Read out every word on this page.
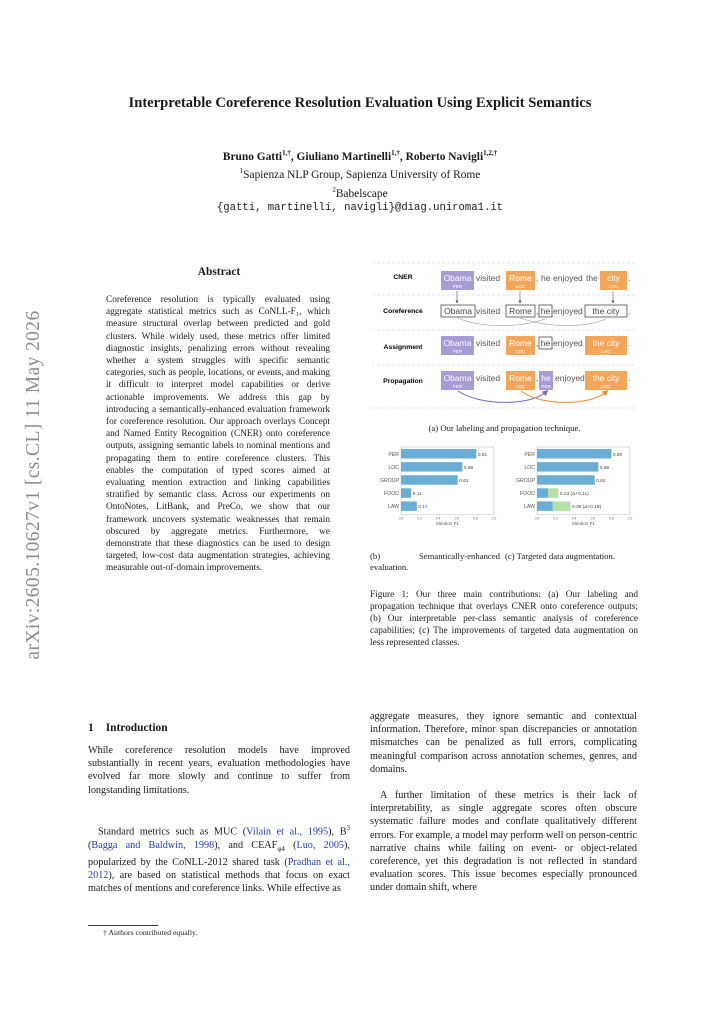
arXiv:2605.10627v1 [cs.CL] 11 May 2026
Interpretable Coreference Resolution Evaluation Using Explicit Semantics
Bruno Gatti$^{1,\dagger}$, Giuliano Martinelli$^{1,\dagger}$, Roberto Navigli$^{1,2,\dagger}$
$^1$Sapienza NLP Group, Sapienza University of Rome
$^2$Babelscape
{gatti, martinelli, navigli}@diag.uniroma1.it
Abstract
Coreference resolution is typically evaluated using aggregate statistical metrics such as CoNLL-F₁, which measure structural overlap between predicted and gold clusters. While widely used, these metrics offer limited diagnostic insights, penalizing errors without revealing whether a system struggles with specific semantic categories, such as people, locations, or events, and making it difficult to interpret model capabilities or derive actionable improvements. We address this gap by introducing a semantically-enhanced evaluation framework for coreference resolution. Our approach overlays Concept and Named Entity Recognition (CNER) onto coreference outputs, assigning semantic labels to nominal mentions and propagating them to entire coreference clusters. This enables the computation of typed scores aimed at evaluating mention extraction and linking capabilities stratified by semantic class. Across our experiments on OntoNotes, LitBank, and PreCo, we show that our framework uncovers systematic weaknesses that remain obscured by aggregate metrics. Furthermore, we demonstrate that these diagnostics can be used to design targeted, low-cost data augmentation strategies, achieving measurable out-of-domain improvements.
1 Introduction
While coreference resolution models have improved substantially in recent years, evaluation methodologies have evolved far more slowly and continue to suffer from longstanding limitations.
Standard metrics such as MUC (Vilain et al., 1995), $B^3$ (Bagga and Baldwin, 1998), and $CEAF_{\varphi 4}$ (Luo, 2005), popularized by the CoNLL-2012 shared task (Pradhan et al., 2012), are based on statistical methods that focus on exact matches of mentions and coreference links. While effective as
† Authors contributed equally.
aggregate measures, they ignore semantic and contextual information. Therefore, minor span discrepancies or annotation mismatches can be penalized as full errors, complicating meaningful comparison across annotation schemes, genres, and domains.
A further limitation of these metrics is their lack of interpretability, as single aggregate scores often obscure systematic failure modes and conflate qualitatively different errors. For example, a model may perform well on person-centric narrative chains while failing on event- or object-related coreference, yet this degradation is not reflected in standard evaluation scores. This issue becomes especially pronounced under domain shift, where
CNER
Coreference
Assignment
Propagation
Obama
PER
visited Rome
LOC
, he enjoyed the city
LOC
.
Obama visited Rome , he enjoyed the city .
Obama
PER
visited Rome
LOC
, he enjoyed the city
LOC
.
Obama
PER
visited Rome
LOC
, he
PER
enjoyed the city
LOC
.
(a) Our labeling and propagation technique.
PER	0.81
LOC	0.66
GROUP	0.61
FOOD	0.11
LAW	0.17
0.0	0.2	0.4	0.6	0.8	1.0
Mention F1
PER	0.80
LOC	0.66
GROUP	0.62
FOOD	0.23 (Δ+0.11)
LAW	0.36 (Δ+0.19)
0.0	0.2	0.4	0.6	0.8	1.0
Mention F1
(b) Semantically-enhanced evaluation.
(c) Targeted data augmentation.
Figure 1: Our three main contributions: (a) Our labeling and propagation technique that overlays CNER onto coreference outputs; (b) Our interpretable per-class semantic analysis of coreference capabilities; (c) The improvements of targeted data augmentation on less represented classes.
